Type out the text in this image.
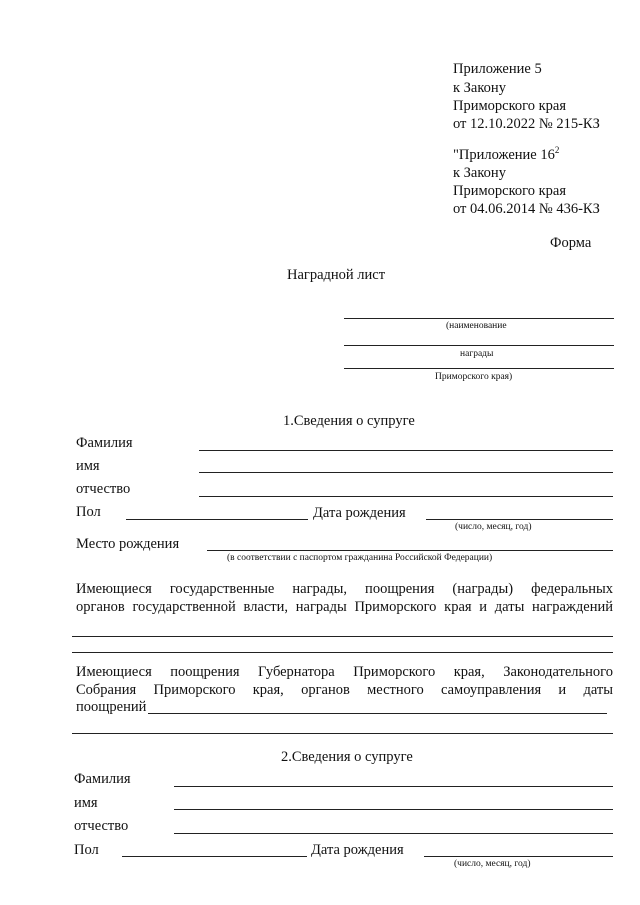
Приложение 5
к Закону
Приморского края
от 12.10.2022 № 215-КЗ
"Приложение $16^2$
к Закону
Приморского края
от 04.06.2014 № 436-КЗ
Форма
Наградной лист
(наименование
награды
Приморского края)
1.Сведения о супруге
Фамилия
имя
отчество
Пол	Дата рождения
(число, месяц, год)
Место рождения
(в соответствии с паспортом гражданина Российской Федерации)
Имеющиеся государственные награды, поощрения (награды) федеральных
органов государственной власти, награды Приморского края и даты награждений
Имеющиеся поощрения Губернатора Приморского края, Законодательного
Собрания Приморского края, органов местного самоуправления и даты
поощрений
2.Сведения о супруге
Фамилия
имя
отчество
Пол	Дата рождения
(число, месяц, год)
